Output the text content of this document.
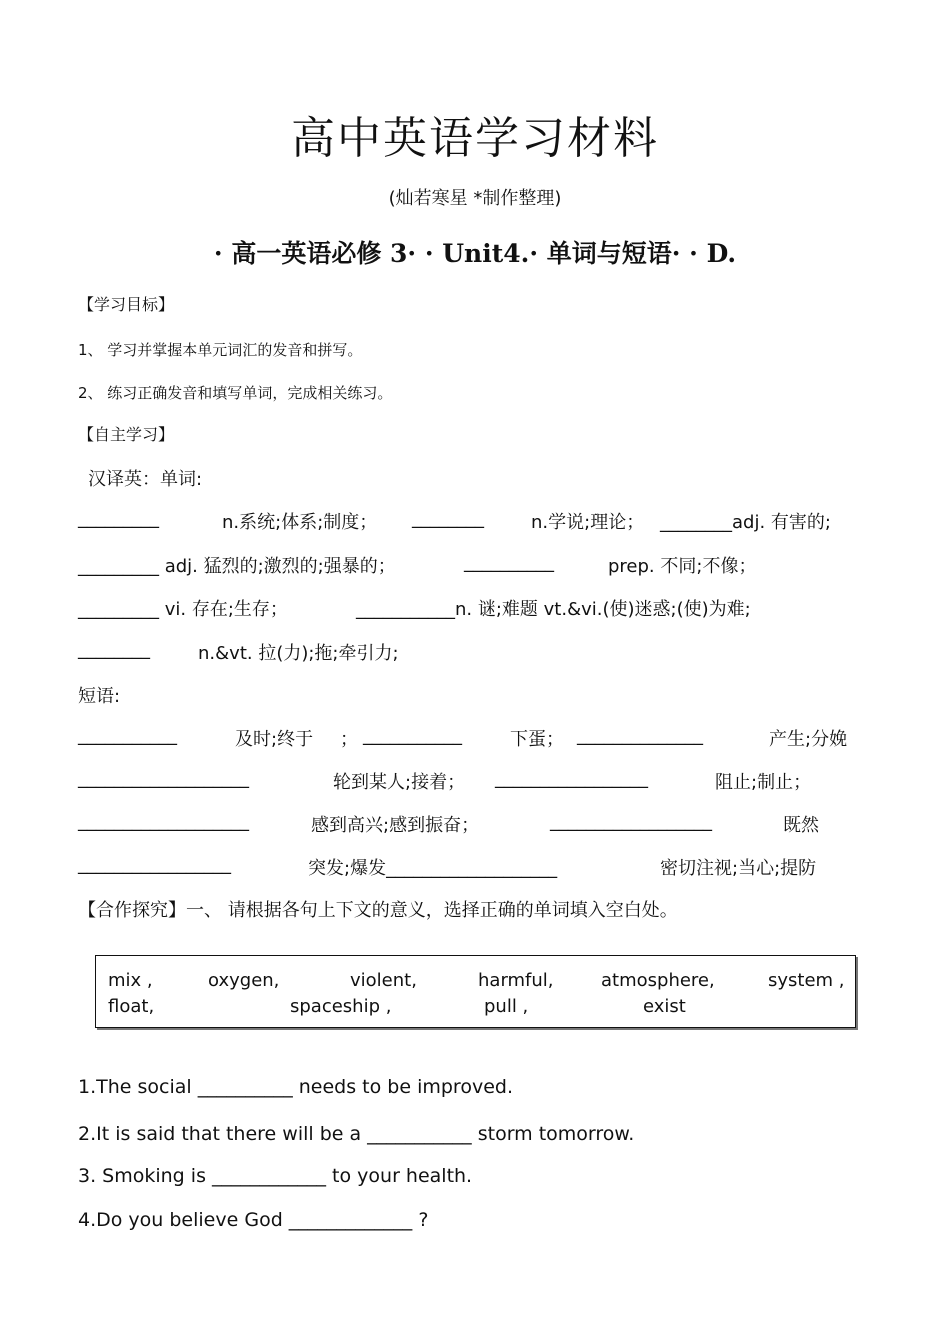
高中英语学习材料
(灿若寒星 *制作整理)
· 高一英语必修 3· · Unit4.· 单词与短语· · D.
【学习目标】
1、 学习并掌握本单元词汇的发音和拼写。
2、 练习正确发音和填写单词，完成相关练习。
【自主学习】
汉译英：单词:
_________	n.系统;体系;制度； ________	n.学说;理论； ________adj. 有害的;
_________ adj. 猛烈的;激烈的;强暴的；	__________	prep. 不同;不像；
_________ vi. 存在;生存；	___________n. 谜;难题 vt.&vi.(使)迷惑;(使)为难;
________	n.&vt. 拉(力);拖;牵引力;
短语:
___________	及时;终于 ； ___________	下蛋； ______________	产生;分娩
___________________	轮到某人;接着； _________________	阻止;制止；
___________________	感到高兴;感到振奋；	__________________	既然
_________________	突发;爆发___________________	密切注视;当心;提防
【合作探究】一、 请根据各句上下文的意义，选择正确的单词填入空白处。
mix ,	oxygen,	violent,	harmful,	atmosphere,	system ,
float,	spaceship ,	pull ,	exist
1.The social __________ needs to be improved.
2.It is said that there will be a ___________ storm tomorrow.
3. Smoking is ____________ to your health.
4.Do you believe God _____________ ?
